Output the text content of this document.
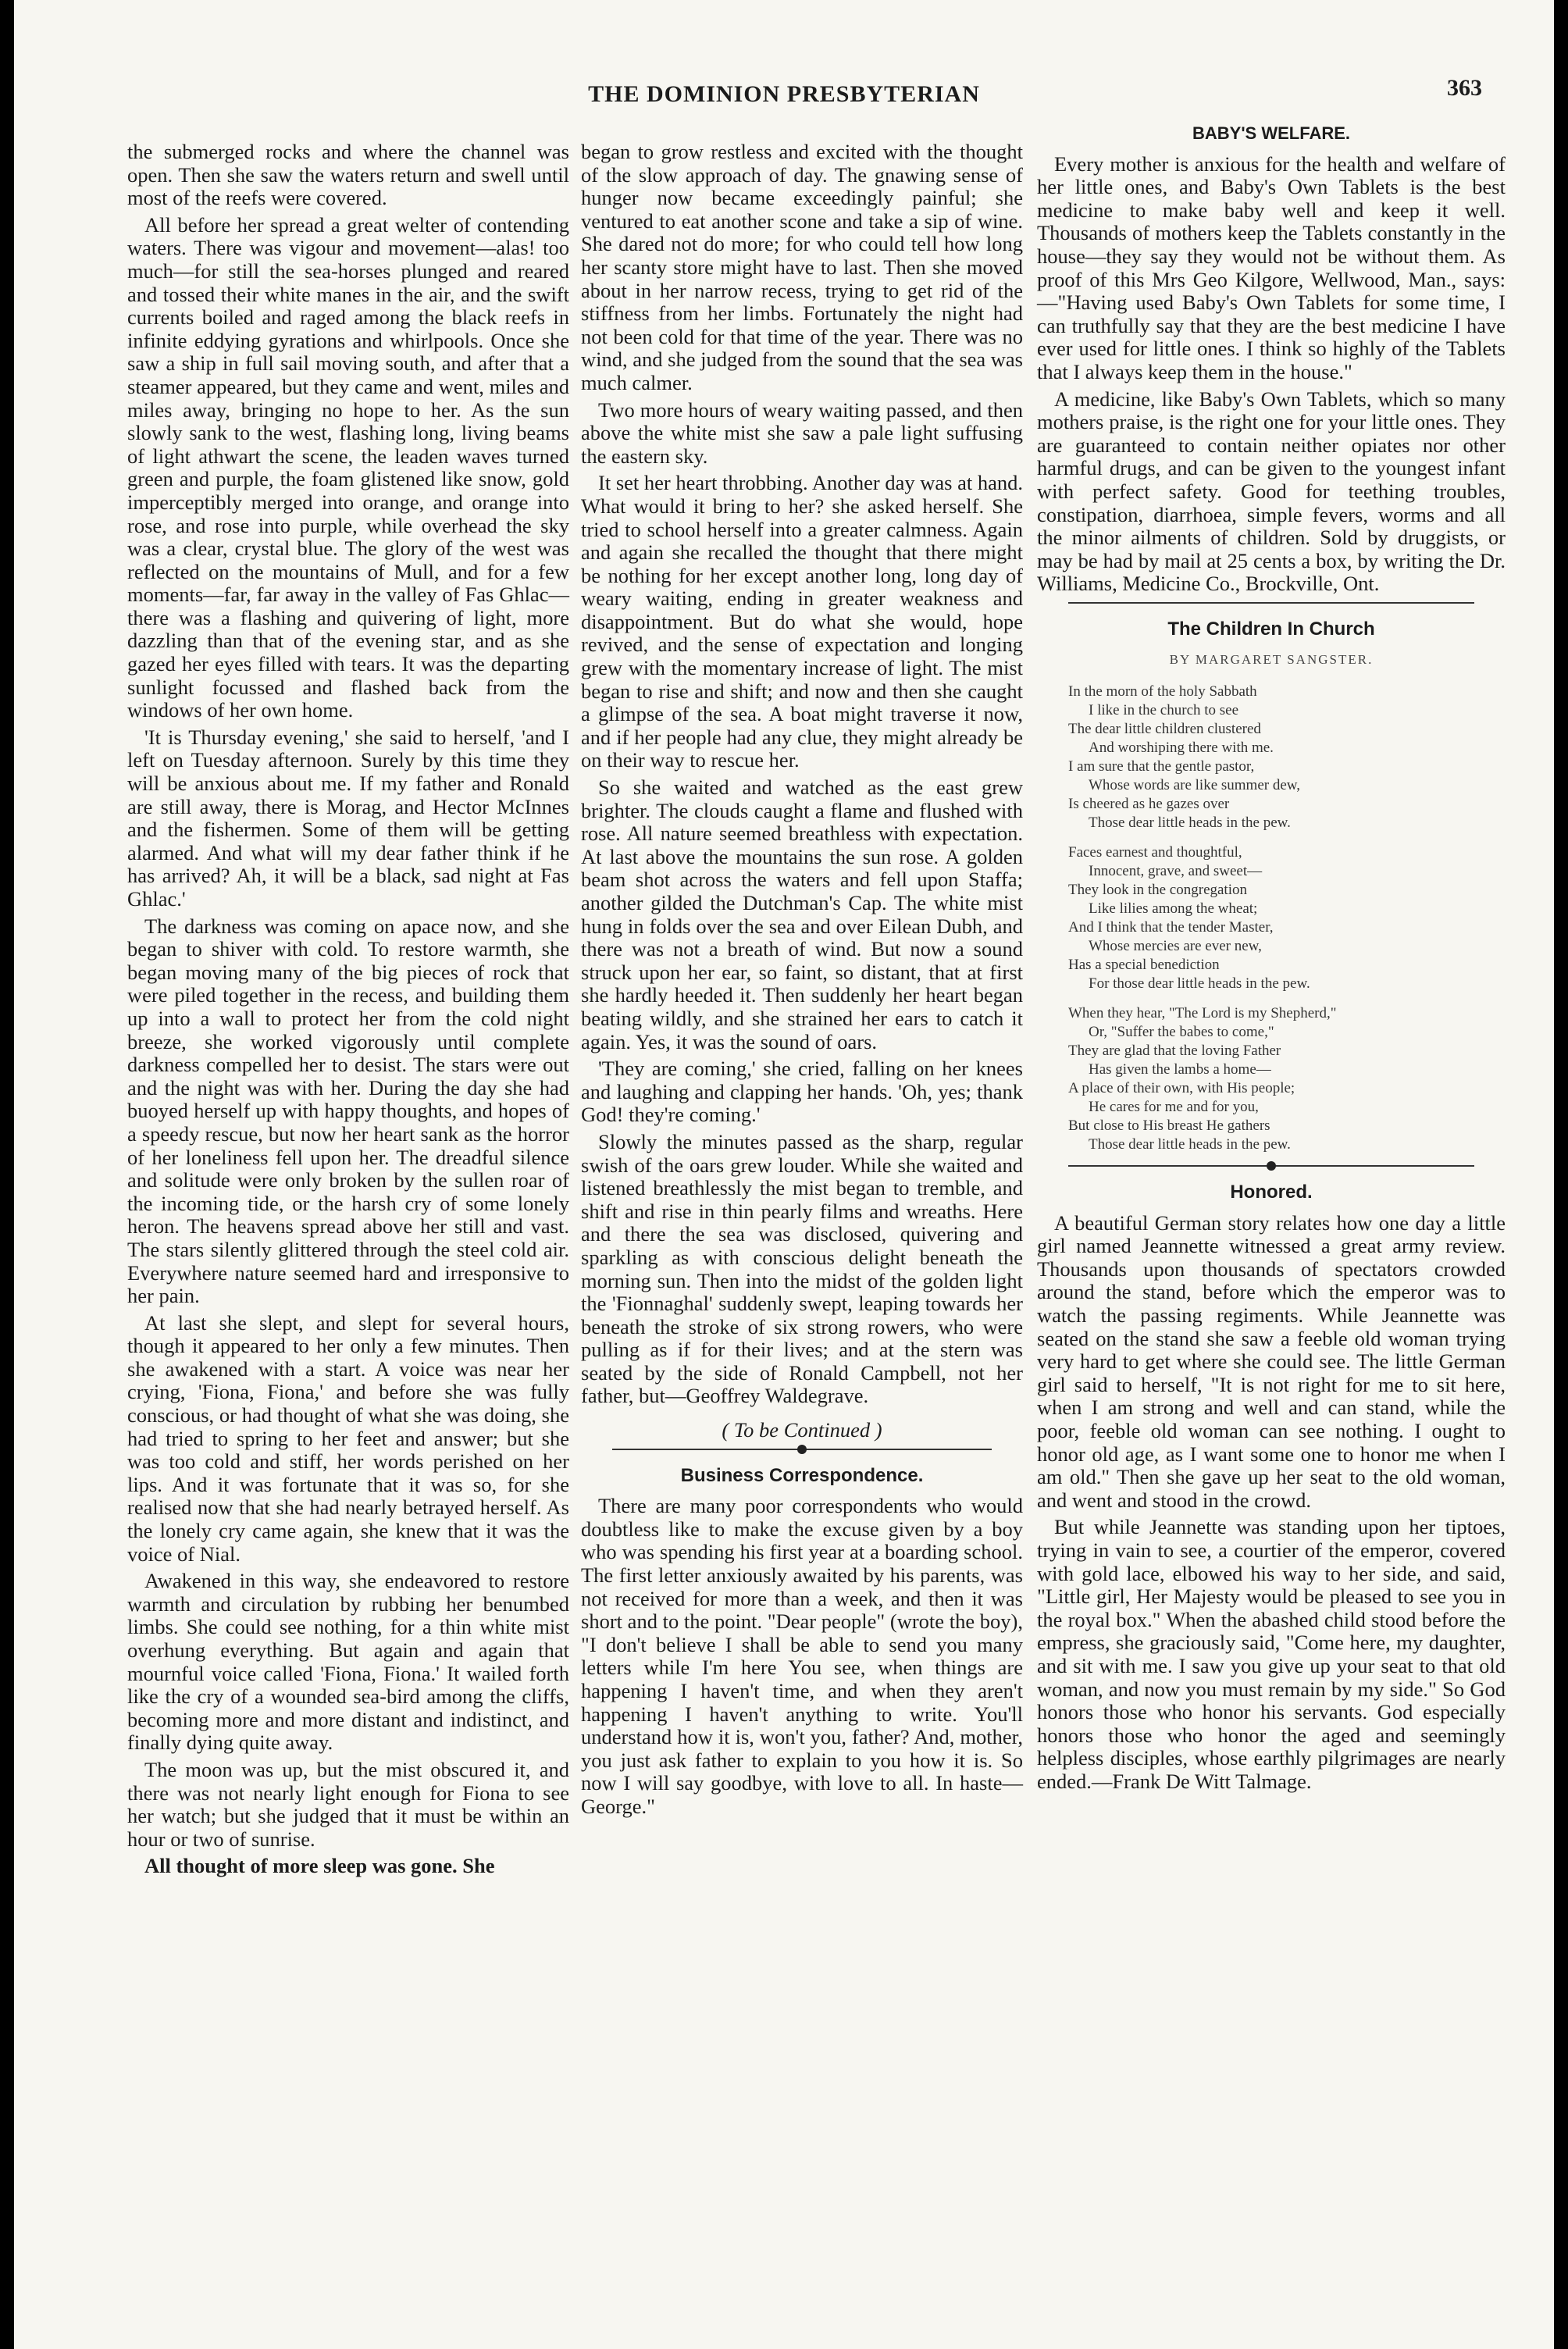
THE DOMINION PRESBYTERIAN	363

the submerged rocks and where the channel was open. Then she saw the waters return and swell until most of the reefs were covered.

All before her spread a great welter of contending waters. There was vigour and movement—alas! too much—for still the sea-horses plunged and reared and tossed their white manes in the air, and the swift currents boiled and raged among the black reefs in infinite eddying gyrations and whirlpools. Once she saw a ship in full sail moving south, and after that a steamer appeared, but they came and went, miles and miles away, bringing no hope to her. As the sun slowly sank to the west, flashing long, living beams of light athwart the scene, the leaden waves turned green and purple, the foam glistened like snow, gold imperceptibly merged into orange, and orange into rose, and rose into purple, while overhead the sky was a clear, crystal blue. The glory of the west was reflected on the mountains of Mull, and for a few moments—far, far away in the valley of Fas Ghlac—there was a flashing and quivering of light, more dazzling than that of the evening star, and as she gazed her eyes filled with tears. It was the departing sunlight focussed and flashed back from the windows of her own home.

'It is Thursday evening,' she said to herself, 'and I left on Tuesday afternoon. Surely by this time they will be anxious about me. If my father and Ronald are still away, there is Morag, and Hector McInnes and the fishermen. Some of them will be getting alarmed. And what will my dear father think if he has arrived? Ah, it will be a black, sad night at Fas Ghlac.'

The darkness was coming on apace now, and she began to shiver with cold. To restore warmth, she began moving many of the big pieces of rock that were piled together in the recess, and building them up into a wall to protect her from the cold night breeze, she worked vigorously until complete darkness compelled her to desist. The stars were out and the night was with her. During the day she had buoyed herself up with happy thoughts, and hopes of a speedy rescue, but now her heart sank as the horror of her loneliness fell upon her. The dreadful silence and solitude were only broken by the sullen roar of the incoming tide, or the harsh cry of some lonely heron. The heavens spread above her still and vast. The stars silently glittered through the steel cold air. Everywhere nature seemed hard and irresponsive to her pain.

At last she slept, and slept for several hours, though it appeared to her only a few minutes. Then she awakened with a start. A voice was near her crying, 'Fiona, Fiona,' and before she was fully conscious, or had thought of what she was doing, she had tried to spring to her feet and answer; but she was too cold and stiff, her words perished on her lips. And it was fortunate that it was so, for she realised now that she had nearly betrayed herself. As the lonely cry came again, she knew that it was the voice of Nial.

Awakened in this way, she endeavored to restore warmth and circulation by rubbing her benumbed limbs. She could see nothing, for a thin white mist overhung everything. But again and again that mournful voice called 'Fiona, Fiona.' It wailed forth like the cry of a wounded sea-bird among the cliffs, becoming more and more distant and indistinct, and finally dying quite away.

The moon was up, but the mist obscured it, and there was not nearly light enough for Fiona to see her watch; but she judged that it must be within an hour or two of sunrise.

All thought of more sleep was gone. She

began to grow restless and excited with the thought of the slow approach of day. The gnawing sense of hunger now became exceedingly painful; she ventured to eat another scone and take a sip of wine. She dared not do more; for who could tell how long her scanty store might have to last. Then she moved about in her narrow recess, trying to get rid of the stiffness from her limbs. Fortunately the night had not been cold for that time of the year. There was no wind, and she judged from the sound that the sea was much calmer.

Two more hours of weary waiting passed, and then above the white mist she saw a pale light suffusing the eastern sky.

It set her heart throbbing. Another day was at hand. What would it bring to her? she asked herself. She tried to school herself into a greater calmness. Again and again she recalled the thought that there might be nothing for her except another long, long day of weary waiting, ending in greater weakness and disappointment. But do what she would, hope revived, and the sense of expectation and longing grew with the momentary increase of light. The mist began to rise and shift; and now and then she caught a glimpse of the sea. A boat might traverse it now, and if her people had any clue, they might already be on their way to rescue her.

So she waited and watched as the east grew brighter. The clouds caught a flame and flushed with rose. All nature seemed breathless with expectation. At last above the mountains the sun rose. A golden beam shot across the waters and fell upon Staffa; another gilded the Dutchman's Cap. The white mist hung in folds over the sea and over Eilean Dubh, and there was not a breath of wind. But now a sound struck upon her ear, so faint, so distant, that at first she hardly heeded it. Then suddenly her heart began beating wildly, and she strained her ears to catch it again. Yes, it was the sound of oars.

'They are coming,' she cried, falling on her knees and laughing and clapping her hands. 'Oh, yes; thank God! they're coming.'

Slowly the minutes passed as the sharp, regular swish of the oars grew louder. While she waited and listened breathlessly the mist began to tremble, and shift and rise in thin pearly films and wreaths. Here and there the sea was disclosed, quivering and sparkling as with conscious delight beneath the morning sun. Then into the midst of the golden light the 'Fionnaghal' suddenly swept, leaping towards her beneath the stroke of six strong rowers, who were pulling as if for their lives; and at the stern was seated by the side of Ronald Campbell, not her father, but—Geoffrey Waldegrave.

( To be Continued )
Business Correspondence.

There are many poor correspondents who would doubtless like to make the excuse given by a boy who was spending his first year at a boarding school. The first letter anxiously awaited by his parents, was not received for more than a week, and then it was short and to the point. "Dear people" (wrote the boy), "I don't believe I shall be able to send you many letters while I'm here You see, when things are happening I haven't time, and when they aren't happening I haven't anything to write. You'll understand how it is, won't you, father? And, mother, you just ask father to explain to you how it is. So now I will say goodbye, with love to all. In haste—George."

BABY'S WELFARE.

Every mother is anxious for the health and welfare of her little ones, and Baby's Own Tablets is the best medicine to make baby well and keep it well. Thousands of mothers keep the Tablets constantly in the house—they say they would not be without them. As proof of this Mrs Geo Kilgore, Wellwood, Man., says:—"Having used Baby's Own Tablets for some time, I can truthfully say that they are the best medicine I have ever used for little ones. I think so highly of the Tablets that I always keep them in the house."

A medicine, like Baby's Own Tablets, which so many mothers praise, is the right one for your little ones. They are guaranteed to contain neither opiates nor other harmful drugs, and can be given to the youngest infant with perfect safety. Good for teething troubles, constipation, diarrhoea, simple fevers, worms and all the minor ailments of children. Sold by druggists, or may be had by mail at 25 cents a box, by writing the Dr. Williams, Medicine Co., Brockville, Ont.

The Children In Church
BY MARGARET SANGSTER.
In the morn of the holy Sabbath
I like in the church to see
The dear little children clustered
And worshiping there with me.
I am sure that the gentle pastor,
Whose words are like summer dew,
Is cheered as he gazes over
Those dear little heads in the pew.
Faces earnest and thoughtful,
Innocent, grave, and sweet—
They look in the congregation
Like lilies among the wheat;
And I think that the tender Master,
Whose mercies are ever new,
Has a special benediction
For those dear little heads in the pew.
When they hear, "The Lord is my Shepherd,"
Or, "Suffer the babes to come,"
They are glad that the loving Father
Has given the lambs a home—
A place of their own, with His people;
He cares for me and for you,
But close to His breast He gathers
Those dear little heads in the pew.
Honored.

A beautiful German story relates how one day a little girl named Jeannette witnessed a great army review. Thousands upon thousands of spectators crowded around the stand, before which the emperor was to watch the passing regiments. While Jeannette was seated on the stand she saw a feeble old woman trying very hard to get where she could see. The little German girl said to herself, "It is not right for me to sit here, when I am strong and well and can stand, while the poor, feeble old woman can see nothing. I ought to honor old age, as I want some one to honor me when I am old." Then she gave up her seat to the old woman, and went and stood in the crowd.

But while Jeannette was standing upon her tiptoes, trying in vain to see, a courtier of the emperor, covered with gold lace, elbowed his way to her side, and said, "Little girl, Her Majesty would be pleased to see you in the royal box." When the abashed child stood before the empress, she graciously said, "Come here, my daughter, and sit with me. I saw you give up your seat to that old woman, and now you must remain by my side." So God honors those who honor his servants. God especially honors those who honor the aged and seemingly helpless disciples, whose earthly pilgrimages are nearly ended.—Frank De Witt Talmage.
